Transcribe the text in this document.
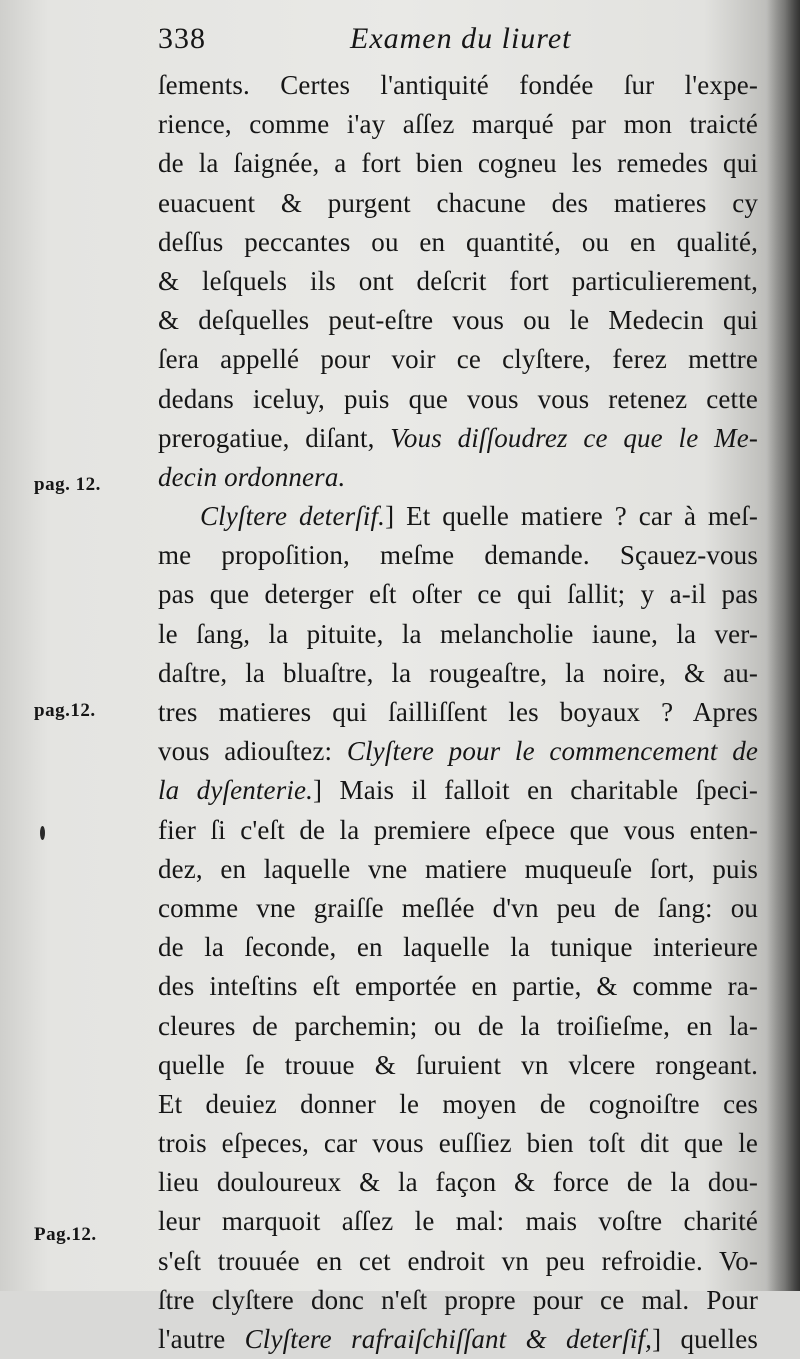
338	Examen du liuret
pag. 12.
pag.12.
Pag.12.
ſements. Certes l'antiquité fondée ſur l'expe-
rience, comme i'ay aſſez marqué par mon traicté
de la ſaignée, a fort bien cogneu les remedes qui
euacuent & purgent chacune des matieres cy
deſſus peccantes ou en quantité, ou en qualité,
& leſquels ils ont deſcrit fort particulierement,
& deſquelles peut-eſtre vous ou le Medecin qui
ſera appellé pour voir ce clyſtere, ferez mettre
dedans iceluy, puis que vous vous retenez cette
prerogatiue, diſant, Vous diſſoudrez ce que le Me-
decin ordonnera.
Clyſtere deterſif.] Et quelle matiere ? car à meſ-
me propoſition, meſme demande. Sçauez-vous
pas que deterger eſt oſter ce qui ſallit; y a-il pas
le ſang, la pituite, la melancholie iaune, la ver-
daſtre, la bluaſtre, la rougeaſtre, la noire, & au-
tres matieres qui ſailliſſent les boyaux ? Apres
vous adiouſtez: Clyſtere pour le commencement de
la dyſenterie.] Mais il falloit en charitable ſpeci-
fier ſi c'eſt de la premiere eſpece que vous enten-
dez, en laquelle vne matiere muqueuſe ſort, puis
comme vne graiſſe meſlée d'vn peu de ſang: ou
de la ſeconde, en laquelle la tunique interieure
des inteſtins eſt emportée en partie, & comme ra-
cleures de parchemin; ou de la troiſieſme, en la-
quelle ſe trouue & ſuruient vn vlcere rongeant.
Et deuiez donner le moyen de cognoiſtre ces
trois eſpeces, car vous euſſiez bien toſt dit que le
lieu douloureux & la façon & force de la dou-
leur marquoit aſſez le mal: mais voſtre charité
s'eſt trouuée en cet endroit vn peu refroidie. Vo-
ſtre clyſtere donc n'eſt propre pour ce mal. Pour
l'autre Clyſtere rafraiſchiſſant & deterſif,] quelles
